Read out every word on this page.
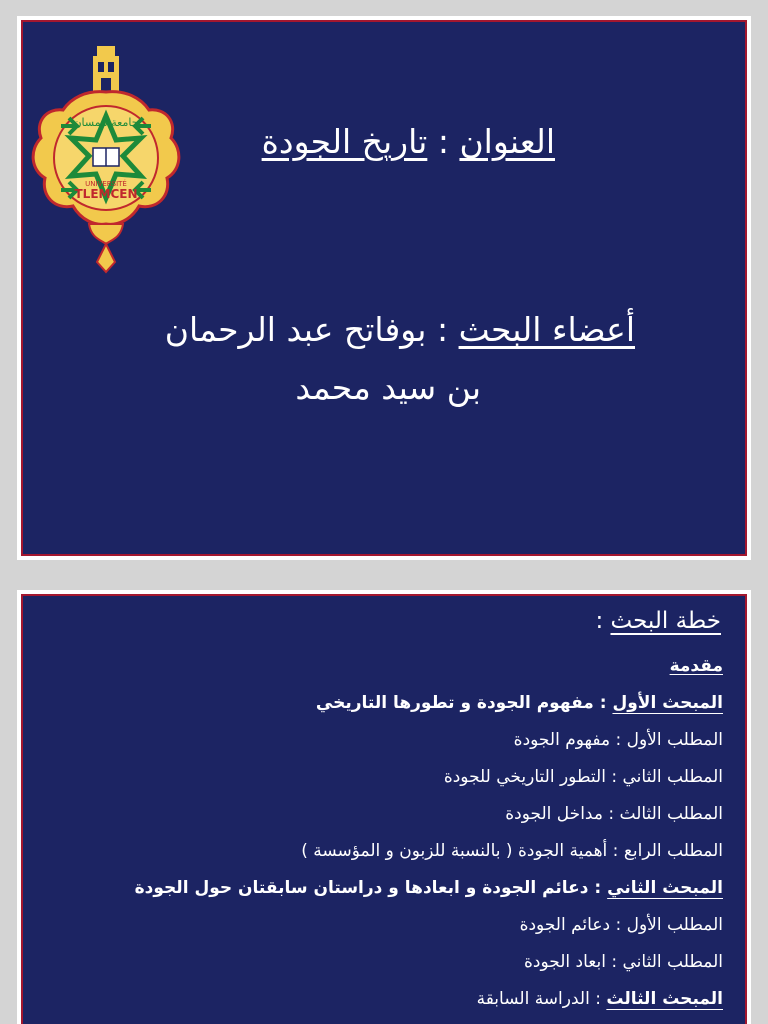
جامعة تلمسان
UNIVERSITÉ
TLEMCEN
العنوان : تاريخ الجودة
أعضاء البحث : بوفاتح عبد الرحمان
بن سيد محمد
خطة البحث :
مقدمة
المبحث الأول : مفهوم الجودة و تطورها التاريخي
المطلب الأول : مفهوم الجودة
المطلب الثاني : التطور التاريخي للجودة
المطلب الثالث : مداخل الجودة
المطلب الرابع : أهمية الجودة ( بالنسبة للزبون و المؤسسة )
المبحث الثاني : دعائم الجودة و ابعادها و دراستان سابقتان حول الجودة
المطلب الأول : دعائم الجودة
المطلب الثاني : ابعاد الجودة
المبحث الثالث : الدراسة السابقة
